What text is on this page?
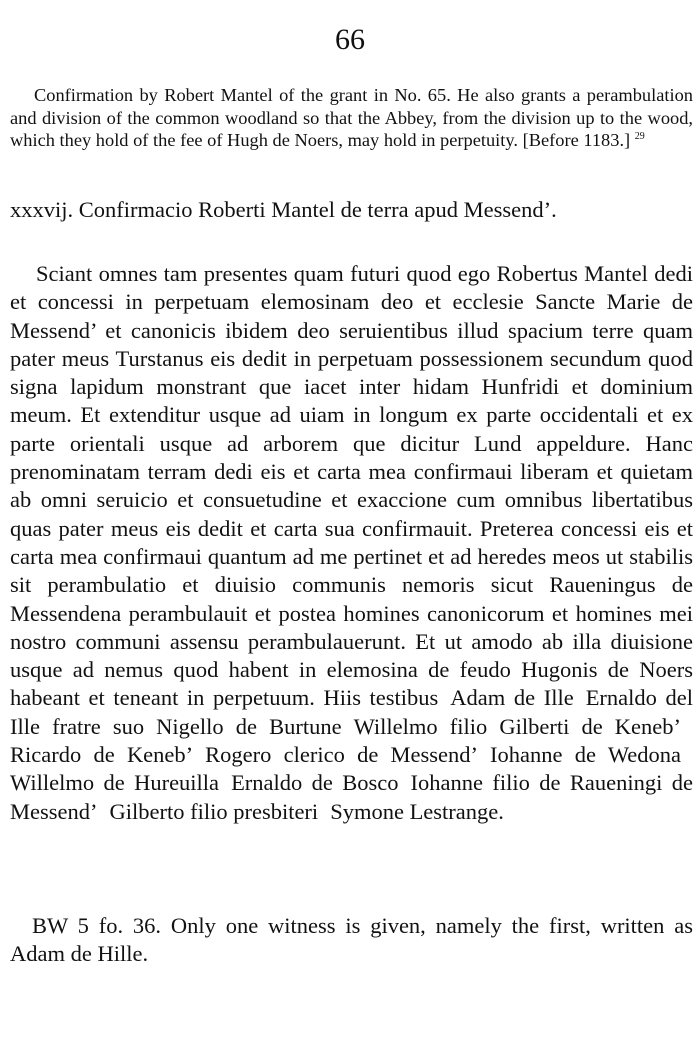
66
Confirmation by Robert Mantel of the grant in No. 65. He also grants a perambulation and division of the common woodland so that the Abbey, from the division up to the wood, which they hold of the fee of Hugh de Noers, may hold in perpetuity. [Before 1183.] $^{29}$
xxxvij. Confirmacio Roberti Mantel de terra apud Messend’.

Sciant omnes tam presentes quam futuri quod ego Robertus Mantel dedi et concessi in perpetuam elemosinam deo et ecclesie Sancte Marie de Messend’ et canonicis ibidem deo seruientibus illud spacium terre quam pater meus Turstanus eis dedit in perpetuam possessionem secundum quod signa lapidum monstrant que iacet inter hidam Hunfridi et dominium meum. Et extenditur usque ad uiam in longum ex parte occidentali et ex parte orientali usque ad arborem que dicitur Lund appeldure. Hanc prenominatam terram dedi eis et carta mea confirmaui liberam et quietam ab omni seruicio et consuetudine et exaccione cum omnibus libertatibus quas pater meus eis dedit et carta sua confirmauit. Preterea concessi eis et carta mea confirmaui quantum ad me pertinet et ad heredes meos ut stabilis sit perambulatio et diuisio communis nemoris sicut Raueningus de Messendena perambulauit et postea homines canonicorum et homines mei nostro communi assensu perambulauerunt. Et ut amodo ab illa diuisione usque ad nemus quod habent in elemosina de feudo Hugonis de Noers habeant et teneant in perpetuum. Hiis testibus Adam de Ille Ernaldo del Ille fratre suo Nigello de Burtune Willelmo filio Gilberti de Keneb’Ricardo de Keneb’ Rogero clerico de Messend’ Iohanne de WedonaWillelmo de Hureuilla Ernaldo de Bosco Iohanne filio de Raueningi de Messend’ Gilberto filio presbiteri Symone Lestrange.

BW 5 fo. 36. Only one witness is given, namely the first, written as Adam de Hille.
